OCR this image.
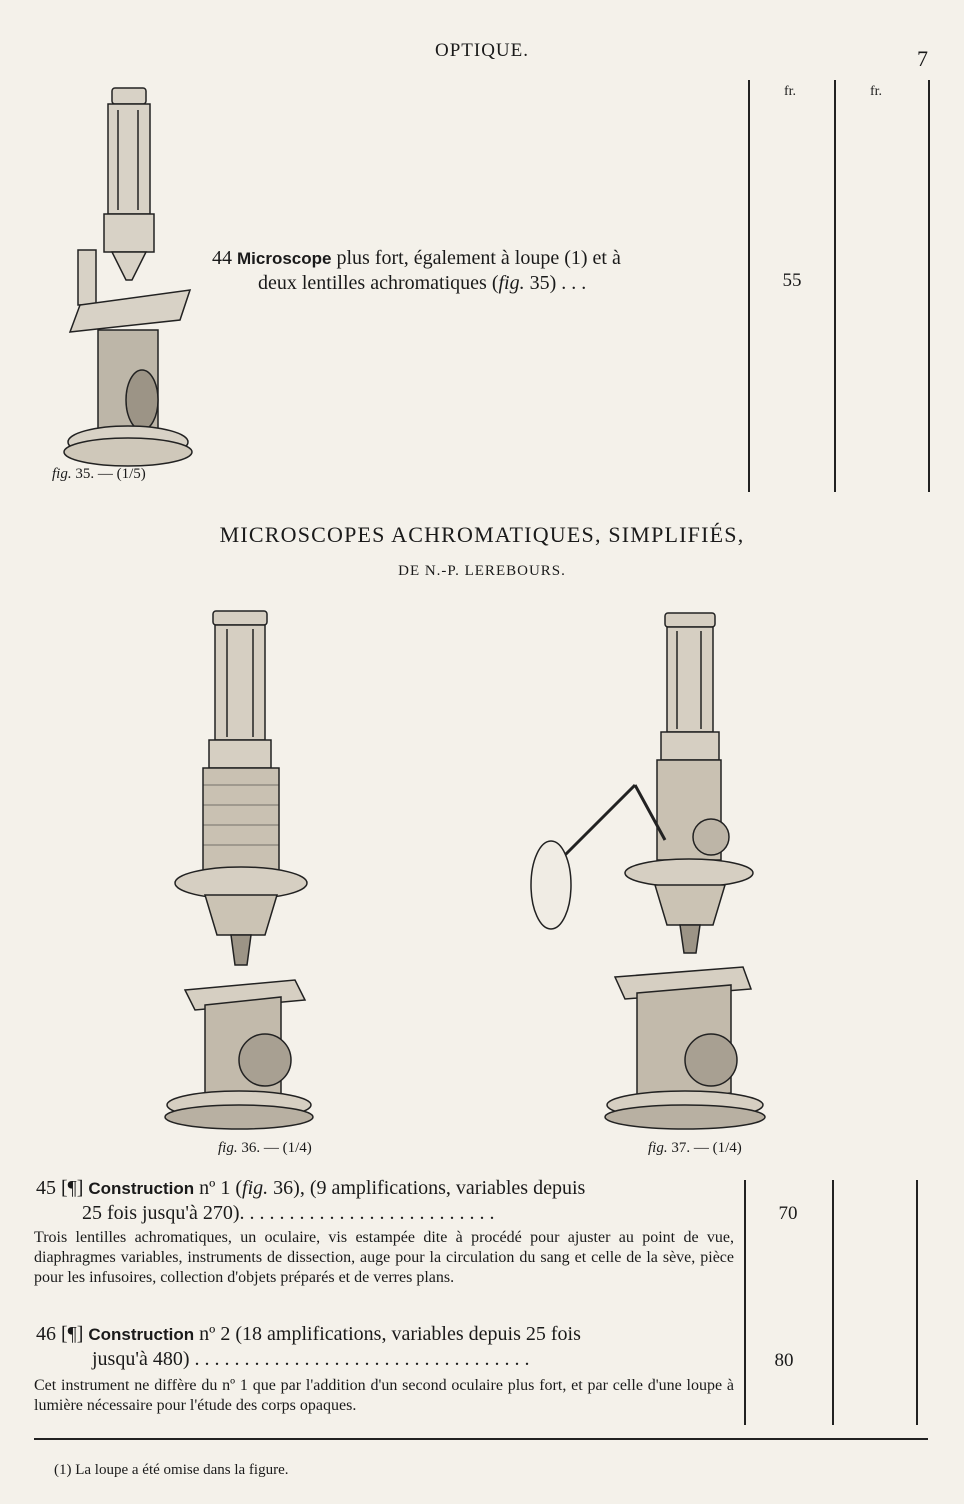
OPTIQUE.	7
fr.	fr.
fig. 35. — (1/5)
44 Microscope plus fort, également à loupe (1) et à
deux lentilles achromatiques (fig. 35) . . .	55
MICROSCOPES ACHROMATIQUES, SIMPLIFIÉS,
DE N.-P. LEREBOURS.
fig. 36. — (1/4)	fig. 37. — (1/4)
45 [¶] Construction nº 1 (fig. 36), (9 amplifications, variables depuis
25 fois jusqu'à 270). . . . . . . . . . . . . . . . . . . . . . . . . .	70
Trois lentilles achromatiques, un oculaire, vis estampée dite à procédé pour ajuster au point de vue, diaphragmes variables, instruments de dissection, auge pour la circulation du sang et celle de la sève, pièce pour les infusoires, collection d'objets préparés et de verres plans.
46 [¶] Construction nº 2 (18 amplifications, variables depuis 25 fois
jusqu'à 480) . . . . . . . . . . . . . . . . . . . . . . . . . . . . . . . . . .	80
Cet instrument ne diffère du nº 1 que par l'addition d'un second oculaire plus fort, et par celle d'une loupe à lumière nécessaire pour l'étude des corps opaques.
(1) La loupe a été omise dans la figure.
